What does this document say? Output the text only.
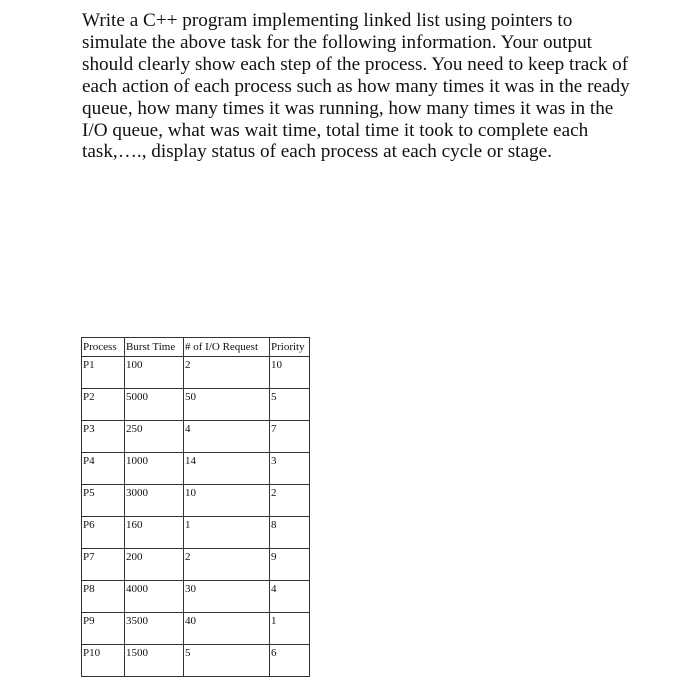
Write a C++ program implementing linked list using pointers to simulate the above task for the following information. Your output should clearly show each step of the process. You need to keep track of each action of each process such as how many times it was in the ready queue, how many times it was running, how many times it was in the I/O queue, what was wait time, total time it took to complete each task,…., display status of each process at each cycle or stage.

Process	Burst Time	# of I/O Request	Priority
P1	100	2	10
P2	5000	50	5
P3	250	4	7
P4	1000	14	3
P5	3000	10	2
P6	160	1	8
P7	200	2	9
P8	4000	30	4
P9	3500	40	1
P10	1500	5	6
